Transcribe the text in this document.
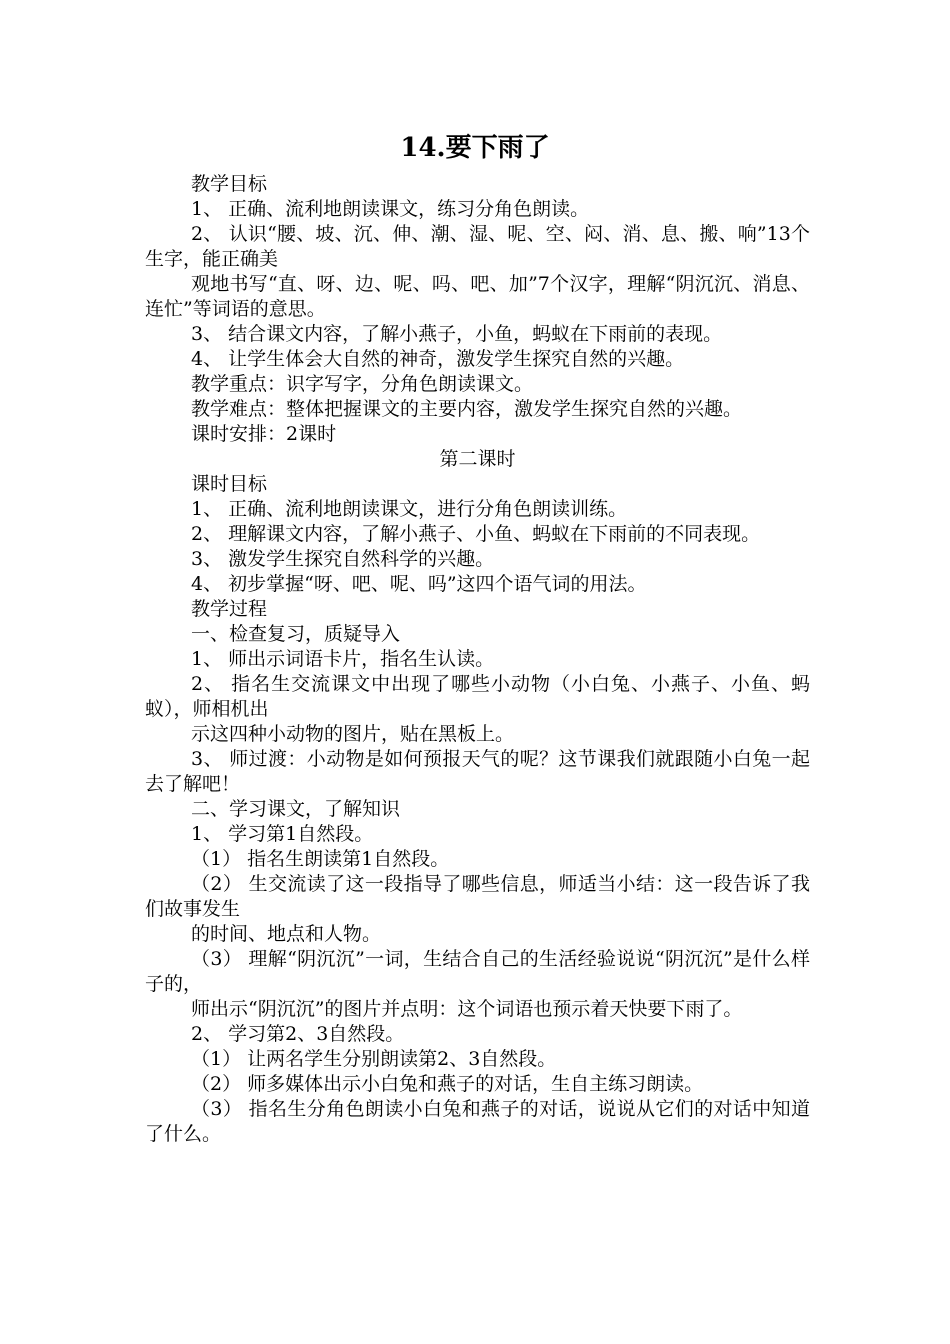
14.要下雨了

教学目标

1、 正确、流利地朗读课文，练习分角色朗读。

2、 认识“腰、坡、沉、伸、潮、湿、呢、空、闷、消、息、搬、响”13个生字，能正确美

观地书写“直、呀、边、呢、吗、吧、加”7个汉字，理解“阴沉沉、消息、连忙”等词语的意思。

3、 结合课文内容，了解小燕子，小鱼，蚂蚁在下雨前的表现。

4、 让学生体会大自然的神奇，激发学生探究自然的兴趣。

教学重点：识字写字，分角色朗读课文。

教学难点：整体把握课文的主要内容，激发学生探究自然的兴趣。

课时安排：2课时

第二课时

课时目标

1、 正确、流利地朗读课文，进行分角色朗读训练。

2、 理解课文内容，了解小燕子、小鱼、蚂蚁在下雨前的不同表现。

3、 激发学生探究自然科学的兴趣。

4、 初步掌握“呀、吧、呢、吗”这四个语气词的用法。

教学过程

一、检查复习，质疑导入

1、 师出示词语卡片，指名生认读。

2、 指名生交流课文中出现了哪些小动物（小白兔、小燕子、小鱼、蚂蚁），师相机出

示这四种小动物的图片，贴在黑板上。

3、 师过渡：小动物是如何预报天气的呢？这节课我们就跟随小白兔一起去了解吧！

二、学习课文，了解知识

1、 学习第1自然段。

（1） 指名生朗读第1自然段。

（2） 生交流读了这一段指导了哪些信息，师适当小结：这一段告诉了我们故事发生

的时间、地点和人物。

（3） 理解“阴沉沉”一词，生结合自己的生活经验说说“阴沉沉”是什么样子的，

师出示“阴沉沉”的图片并点明：这个词语也预示着天快要下雨了。

2、 学习第2、3自然段。

（1） 让两名学生分别朗读第2、3自然段。

（2） 师多媒体出示小白兔和燕子的对话，生自主练习朗读。

（3） 指名生分角色朗读小白兔和燕子的对话，说说从它们的对话中知道了什么。
